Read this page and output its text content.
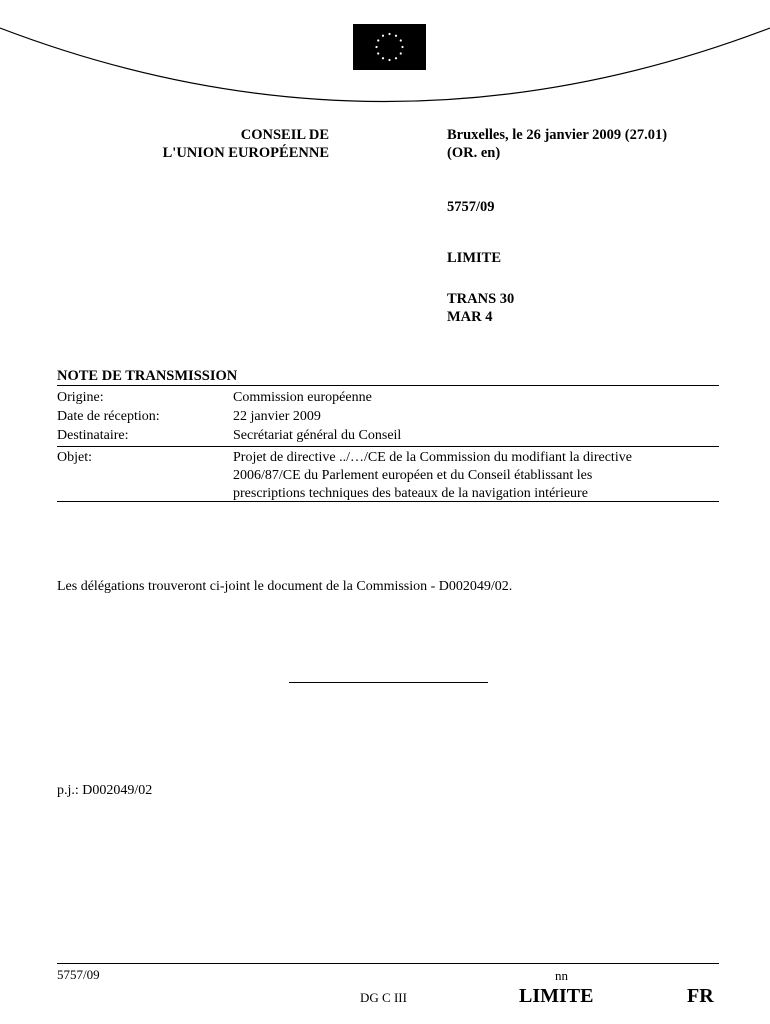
CONSEIL DE
L'UNION EUROPÉENNE
Bruxelles, le 26 janvier 2009 (27.01)
(OR. en)
5757/09
LIMITE
TRANS 30
MAR 4
NOTE DE TRANSMISSION
Origine:	Commission européenne
Date de réception:	22 janvier 2009
Destinataire:	Secrétariat général du Conseil
Objet:	Projet de directive ../…/CE de la Commission du modifiant la directive
2006/87/CE du Parlement européen et du Conseil établissant les
prescriptions techniques des bateaux de la navigation intérieure
Les délégations trouveront ci-joint le document de la Commission - D002049/02.
p.j.: D002049/02
5757/09	nn
DG C III	LIMITE	FR
